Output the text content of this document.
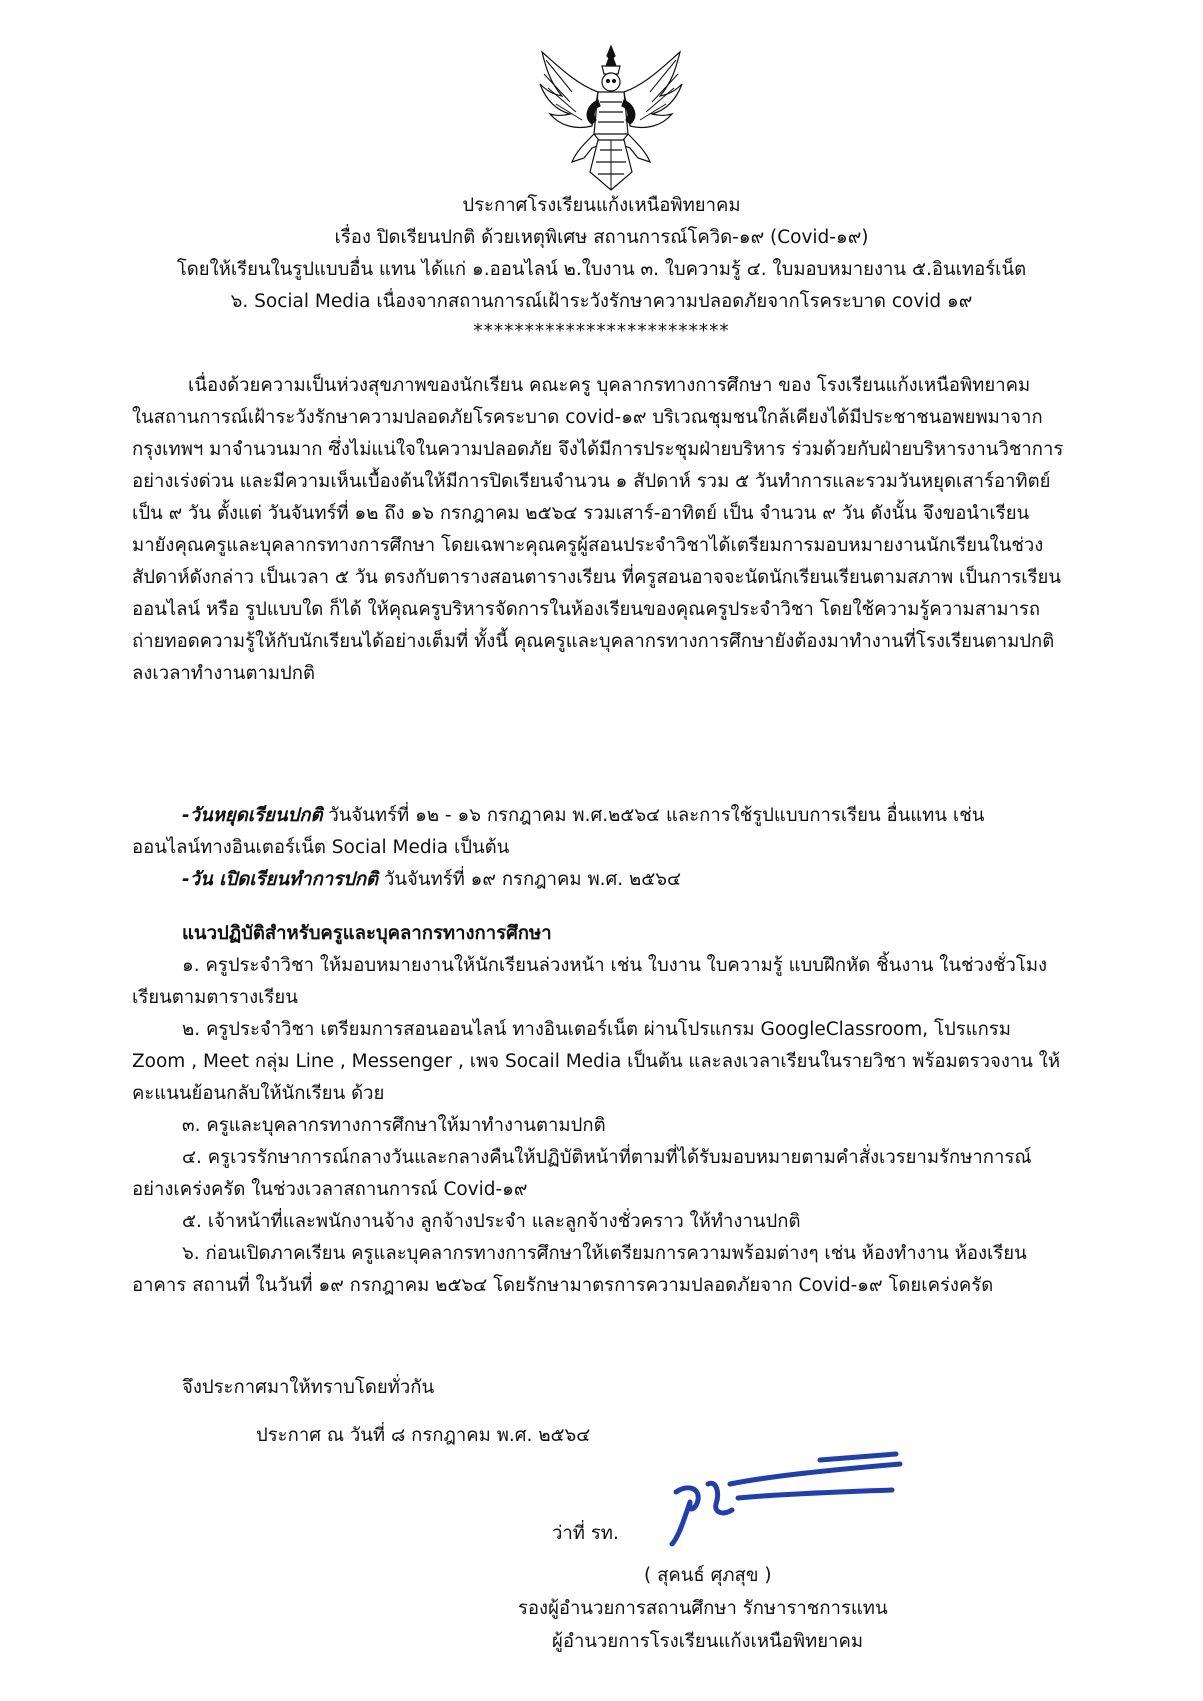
ประกาศโรงเรียนแก้งเหนือพิทยาคม
เรื่อง ปิดเรียนปกติ ด้วยเหตุพิเศษ สถานการณ์โควิด-๑๙ (Covid-๑๙)
โดยให้เรียนในรูปแบบอื่น แทน ได้แก่ ๑.ออนไลน์ ๒.ใบงาน ๓. ใบความรู้ ๔. ใบมอบหมายงาน ๕.อินเทอร์เน็ต
๖. Social Media เนื่องจากสถานการณ์เฝ้าระวังรักษาความปลอดภัยจากโรคระบาด covid ๑๙
*************************
เนื่องด้วยความเป็นห่วงสุขภาพของนักเรียน คณะครู บุคลากรทางการศึกษา ของ โรงเรียนแก้งเหนือพิทยาคม
ในสถานการณ์เฝ้าระวังรักษาความปลอดภัยโรคระบาด covid-๑๙ บริเวณชุมชนใกล้เคียงได้มีประชาชนอพยพมาจาก
กรุงเทพฯ มาจำนวนมาก ซึ่งไม่แน่ใจในความปลอดภัย จึงได้มีการประชุมฝ่ายบริหาร ร่วมด้วยกับฝ่ายบริหารงานวิชาการ
อย่างเร่งด่วน และมีความเห็นเบื้องต้นให้มีการปิดเรียนจำนวน ๑ สัปดาห์ รวม ๕ วันทำการและรวมวันหยุดเสาร์อาทิตย์
เป็น ๙ วัน ตั้งแต่ วันจันทร์ที่ ๑๒ ถึง ๑๖ กรกฎาคม ๒๕๖๔ รวมเสาร์-อาทิตย์ เป็น จำนวน ๙ วัน ดังนั้น จึงขอนำเรียน
มายังคุณครูและบุคลากรทางการศึกษา โดยเฉพาะคุณครูผู้สอนประจำวิชาได้เตรียมการมอบหมายงานนักเรียนในช่วง
สัปดาห์ดังกล่าว เป็นเวลา ๕ วัน ตรงกับตารางสอนตารางเรียน ที่ครูสอนอาจจะนัดนักเรียนเรียนตามสภาพ เป็นการเรียน
ออนไลน์ หรือ รูปแบบใด ก็ได้ ให้คุณครูบริหารจัดการในห้องเรียนของคุณครูประจำวิชา โดยใช้ความรู้ความสามารถ
ถ่ายทอดความรู้ให้กับนักเรียนได้อย่างเต็มที่ ทั้งนี้ คุณครูและบุคลากรทางการศึกษายังต้องมาทำงานที่โรงเรียนตามปกติ
ลงเวลาทำงานตามปกติ
-วันหยุดเรียนปกติ วันจันทร์ที่ ๑๒ - ๑๖ กรกฎาคม พ.ศ.๒๕๖๔ และการใช้รูปแบบการเรียน อื่นแทน เช่น
ออนไลน์ทางอินเตอร์เน็ต Social Media เป็นต้น
-วัน เปิดเรียนทำการปกติ วันจันทร์ที่ ๑๙ กรกฎาคม พ.ศ. ๒๕๖๔
แนวปฏิบัติสำหรับครูและบุคลากรทางการศึกษา
๑. ครูประจำวิชา ให้มอบหมายงานให้นักเรียนล่วงหน้า เช่น ใบงาน ใบความรู้ แบบฝึกหัด ชิ้นงาน ในช่วงชั่วโมง
เรียนตามตารางเรียน
๒. ครูประจำวิชา เตรียมการสอนออนไลน์ ทางอินเตอร์เน็ต ผ่านโปรแกรม GoogleClassroom, โปรแกรม
Zoom , Meet กลุ่ม Line , Messenger , เพจ Socail Media เป็นต้น และลงเวลาเรียนในรายวิชา พร้อมตรวจงาน ให้
คะแนนย้อนกลับให้นักเรียน ด้วย
๓. ครูและบุคลากรทางการศึกษาให้มาทำงานตามปกติ
๔. ครูเวรรักษาการณ์กลางวันและกลางคืนให้ปฏิบัติหน้าที่ตามที่ได้รับมอบหมายตามคำสั่งเวรยามรักษาการณ์
อย่างเคร่งครัด ในช่วงเวลาสถานการณ์ Covid-๑๙
๕. เจ้าหน้าที่และพนักงานจ้าง ลูกจ้างประจำ และลูกจ้างชั่วคราว ให้ทำงานปกติ
๖. ก่อนเปิดภาคเรียน ครูและบุคลากรทางการศึกษาให้เตรียมการความพร้อมต่างๆ เช่น ห้องทำงาน ห้องเรียน
อาคาร สถานที่ ในวันที่ ๑๙ กรกฎาคม ๒๕๖๔ โดยรักษามาตรการความปลอดภัยจาก Covid-๑๙ โดยเคร่งครัด
จึงประกาศมาให้ทราบโดยทั่วกัน
ประกาศ ณ วันที่ ๘ กรกฎาคม พ.ศ. ๒๕๖๔
ว่าที่ รท.
( สุคนธ์ ศุภสุข )
รองผู้อำนวยการสถานศึกษา รักษาราชการแทน
ผู้อำนวยการโรงเรียนแก้งเหนือพิทยาคม
